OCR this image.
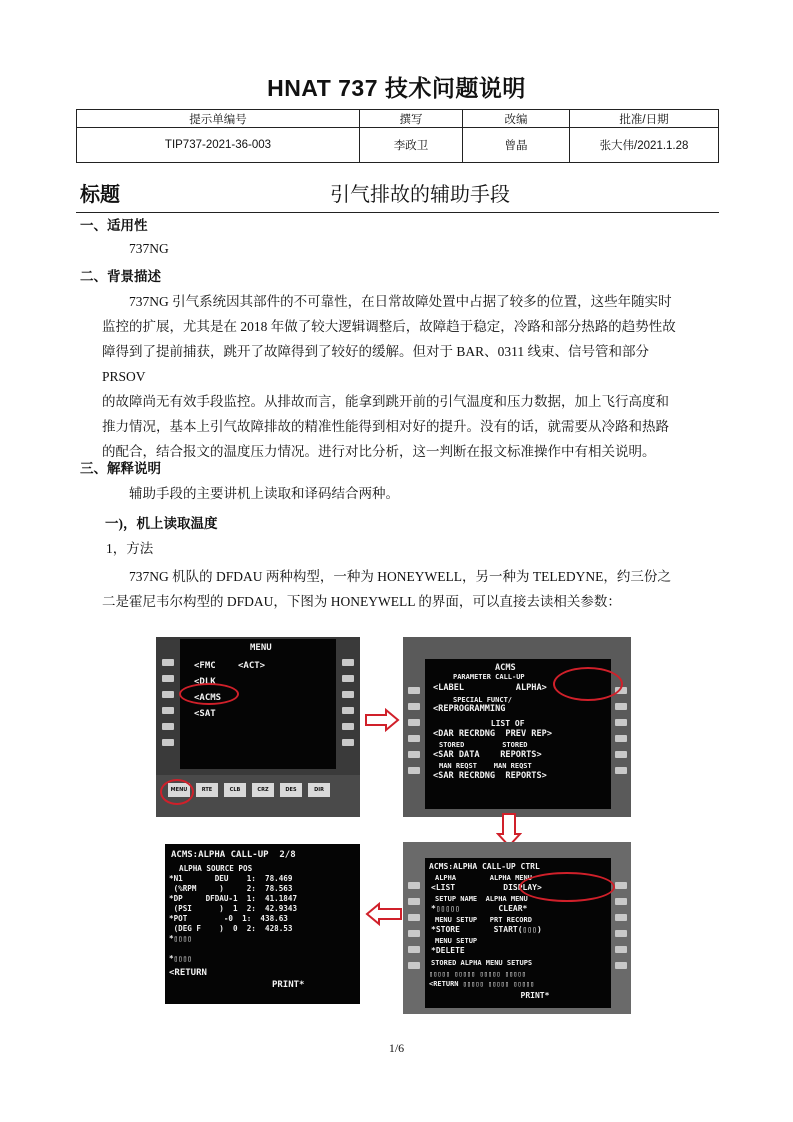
HNAT 737 技术问题说明
提示单编号	撰写	改编	批准/日期
TIP737-2021-36-003	李政卫	曾晶	张大伟/2021.1.28
标题	引气排故的辅助手段
一、适用性
737NG
二、背景描述
737NG 引气系统因其部件的不可靠性，在日常故障处置中占据了较多的位置，这些年随实时
监控的扩展，尤其是在 2018 年做了较大逻辑调整后，故障趋于稳定，冷路和部分热路的趋势性故
障得到了提前捕获，跳开了故障得到了较好的缓解。但对于 BAR、0311 线束、信号管和部分 PRSOV
的故障尚无有效手段监控。从排故而言，能拿到跳开前的引气温度和压力数据，加上飞行高度和
推力情况，基本上引气故障排故的精准性能得到相对好的提升。没有的话，就需要从冷路和热路
的配合，结合报文的温度压力情况。进行对比分析，这一判断在报文标准操作中有相关说明。
三、解释说明
辅助手段的主要讲机上读取和译码结合两种。
一)，机上读取温度
1，方法
737NG 机队的 DFDAU 两种构型，一种为 HONEYWELL，另一种为 TELEDYNE，约三份之
二是霍尼韦尔构型的 DFDAU，下图为 HONEYWELL 的界面，可以直接去读相关参数：
MENU
<FMC <ACT>
<DLK
<ACMS
<SAT
MENU	RTE	CLB	CRZ	DES	DIR
ACMS
PARAMETER CALL-UP
<LABEL          ALPHA>
SPECIAL FUNCT/
<REPROGRAMMING
LIST OF
<DAR RECRDNG  PREV REP>
STORED         STORED
<SAR DATA    REPORTS>
MAN REQST    MAN REQST
<SAR RECRDNG  REPORTS>
ACMS:ALPHA CALL-UP CTRL
ALPHA        ALPHA MENU
<LIST          DISPLAY>
SETUP NAME  ALPHA MENU
*▯▯▯▯▯        CLEAR*
MENU SETUP   PRT RECORD
*STORE       START(▯▯▯)
MENU SETUP
*DELETE
STORED ALPHA MENU SETUPS
▯▯▯▯▯ ▯▯▯▯▯ ▯▯▯▯▯ ▯▯▯▯▯
<RETURN ▯▯▯▯▯ ▯▯▯▯▯ ▯▯▯▯▯
PRINT*
ACMS:ALPHA CALL-UP  2/8
ALPHA SOURCE POS
*N1       DEU    1:  78.469
(%RPM     )     2:  78.563
*DP     DFDAU-1  1:  41.1847
(PSI      )  1  2:  42.9343
*POT        -0  1:  438.63
(DEG F    )  0  2:  428.53
*▯▯▯▯
*▯▯▯▯
<RETURN
PRINT*
1/6
